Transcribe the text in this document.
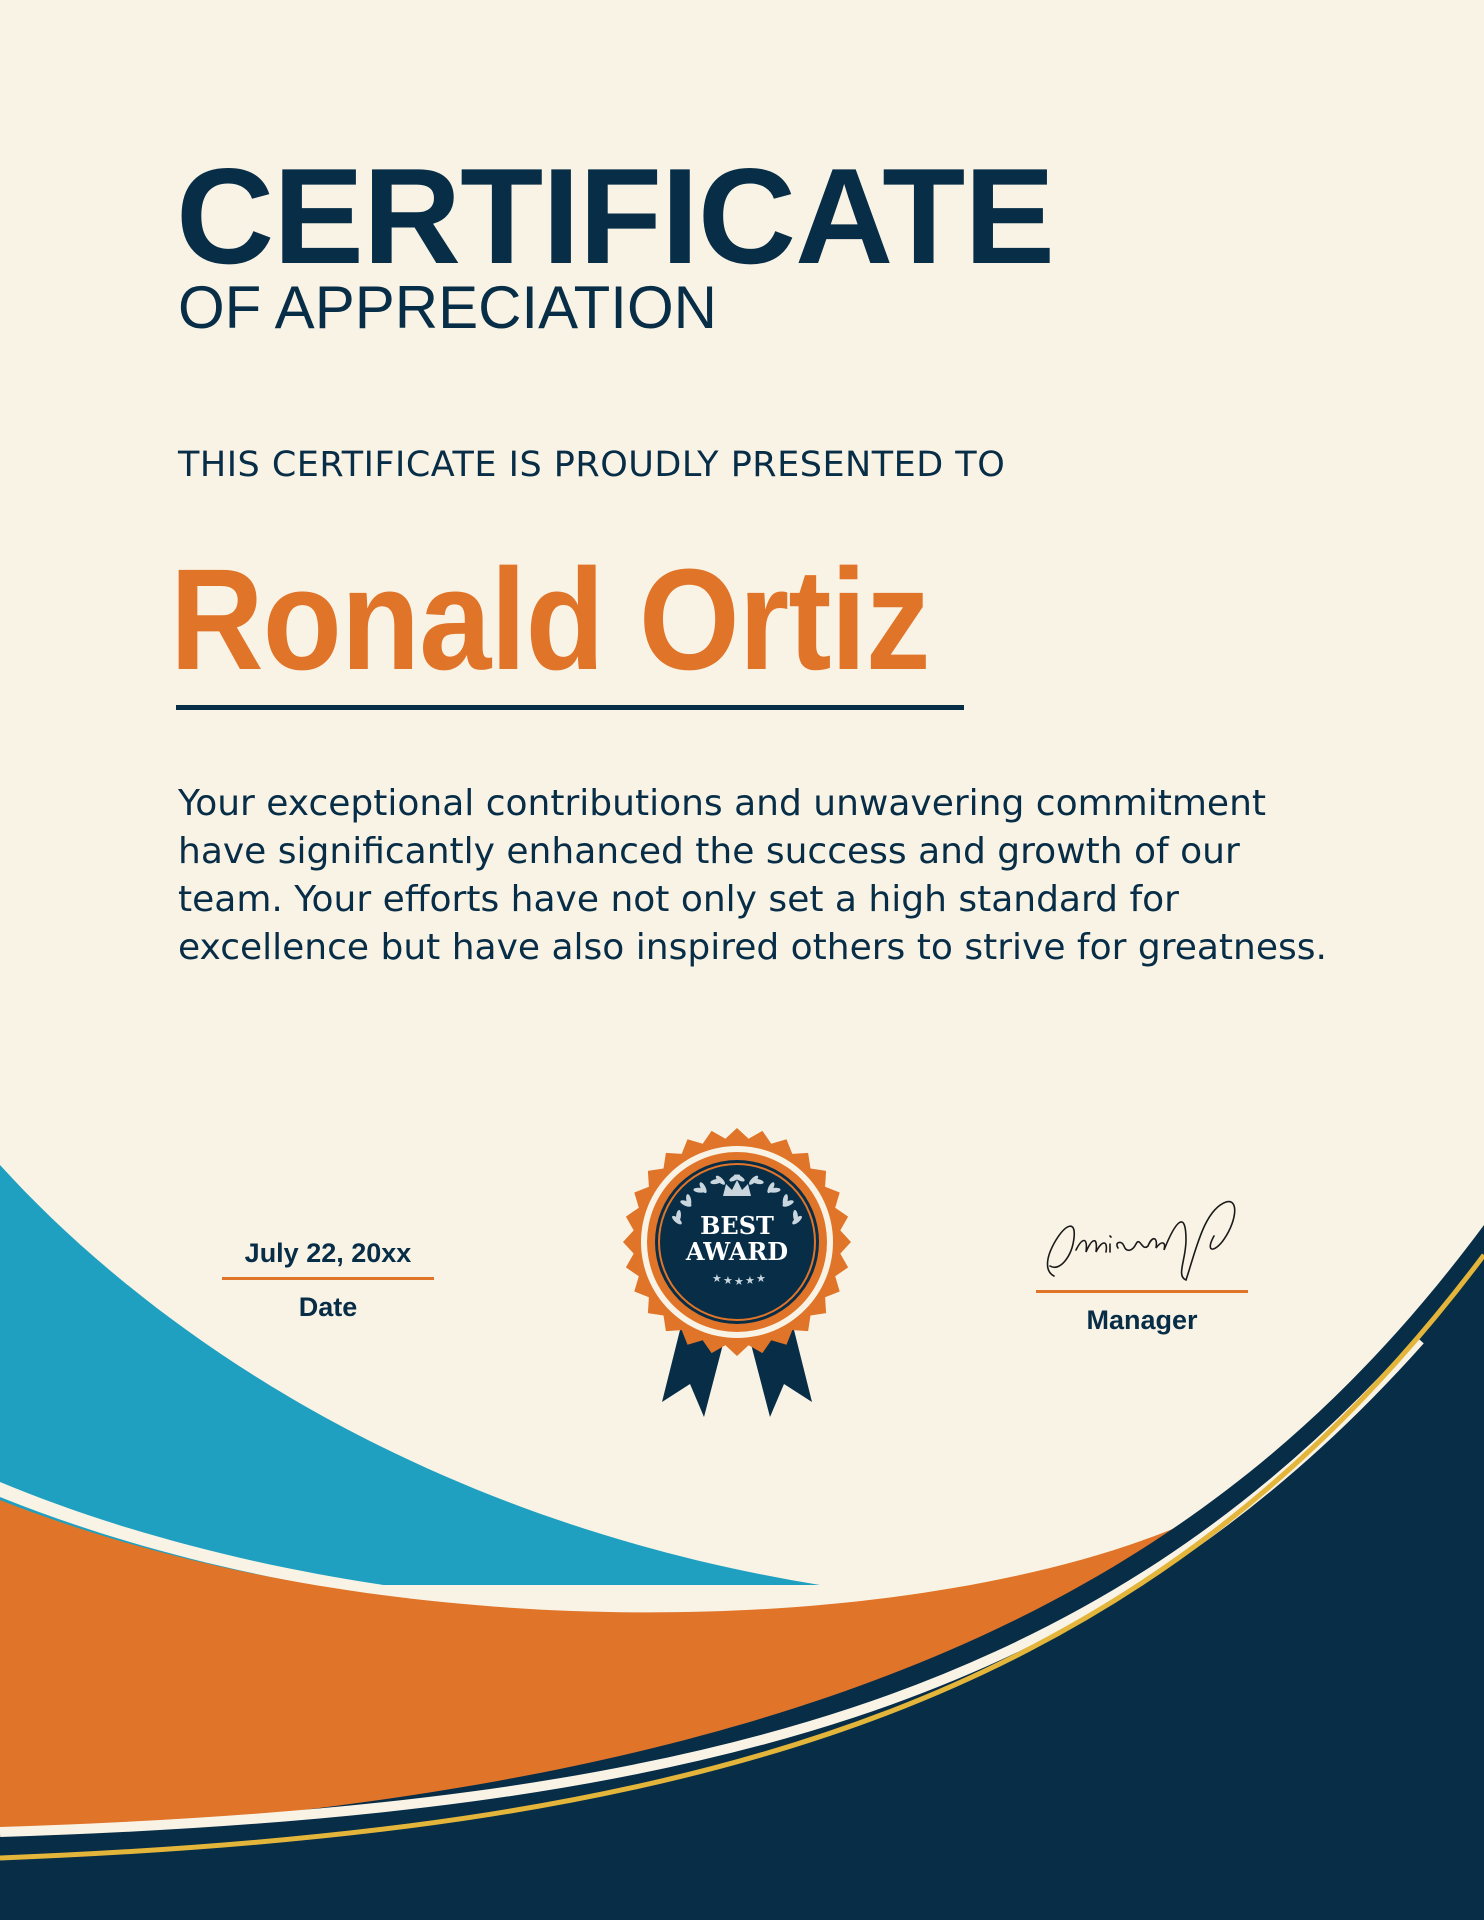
CERTIFICATE
OF APPRECIATION

THIS CERTIFICATE IS PROUDLY PRESENTED TO

Ronald Ortiz

Your exceptional contributions and unwavering commitment have significantly enhanced the success and growth of our team. Your efforts have not only set a high standard for excellence but have also inspired others to strive for greatness.

July 22, 20xx
Date
BEST
AWARD
★ ★ ★ ★ ★
Manager
